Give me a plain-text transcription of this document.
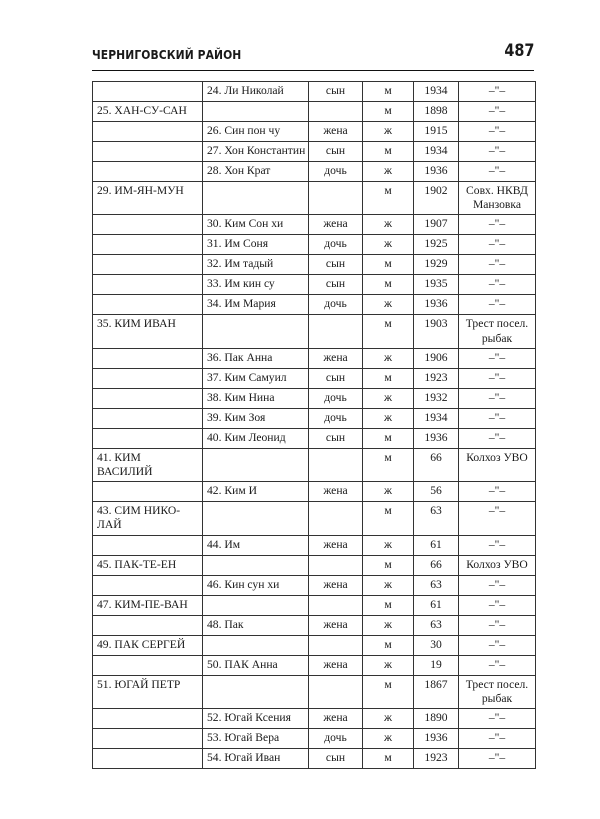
ЧЕРНИГОВСКИЙ РАЙОН	487
	24. Ли Николай	сын	м	1934	–"–
25. ХАН-СУ-САН			м	1898	–"–
	26. Син пон чу	жена	ж	1915	–"–
	27. Хон Константин	сын	м	1934	–"–
	28. Хон Крат	дочь	ж	1936	–"–
29. ИМ-ЯН-МУН			м	1902	Совх. НКВД Манзовка
	30. Ким Сон хи	жена	ж	1907	–"–
	31. Им Соня	дочь	ж	1925	–"–
	32. Им тадый	сын	м	1929	–"–
	33. Им кин су	сын	м	1935	–"–
	34. Им Мария	дочь	ж	1936	–"–
35. КИМ ИВАН			м	1903	Трест посел. рыбак
	36. Пак Анна	жена	ж	1906	–"–
	37. Ким Самуил	сын	м	1923	–"–
	38. Ким Нина	дочь	ж	1932	–"–
	39. Ким Зоя	дочь	ж	1934	–"–
	40. Ким Леонид	сын	м	1936	–"–
41. КИМ ВАСИЛИЙ			м	66	Колхоз УВО
	42. Ким И	жена	ж	56	–"–
43. СИМ НИКО-ЛАЙ			м	63	–"–
	44. Им	жена	ж	61	–"–
45. ПАК-ТЕ-ЕН			м	66	Колхоз УВО
	46. Кин сун хи	жена	ж	63	–"–
47. КИМ-ПЕ-ВАН			м	61	–"–
	48. Пак	жена	ж	63	–"–
49. ПАК СЕРГЕЙ			м	30	–"–
	50. ПАК Анна	жена	ж	19	–"–
51. ЮГАЙ ПЕТР			м	1867	Трест посел. рыбак
	52. Югай Ксения	жена	ж	1890	–"–
	53. Югай Вера	дочь	ж	1936	–"–
	54. Югай Иван	сын	м	1923	–"–
